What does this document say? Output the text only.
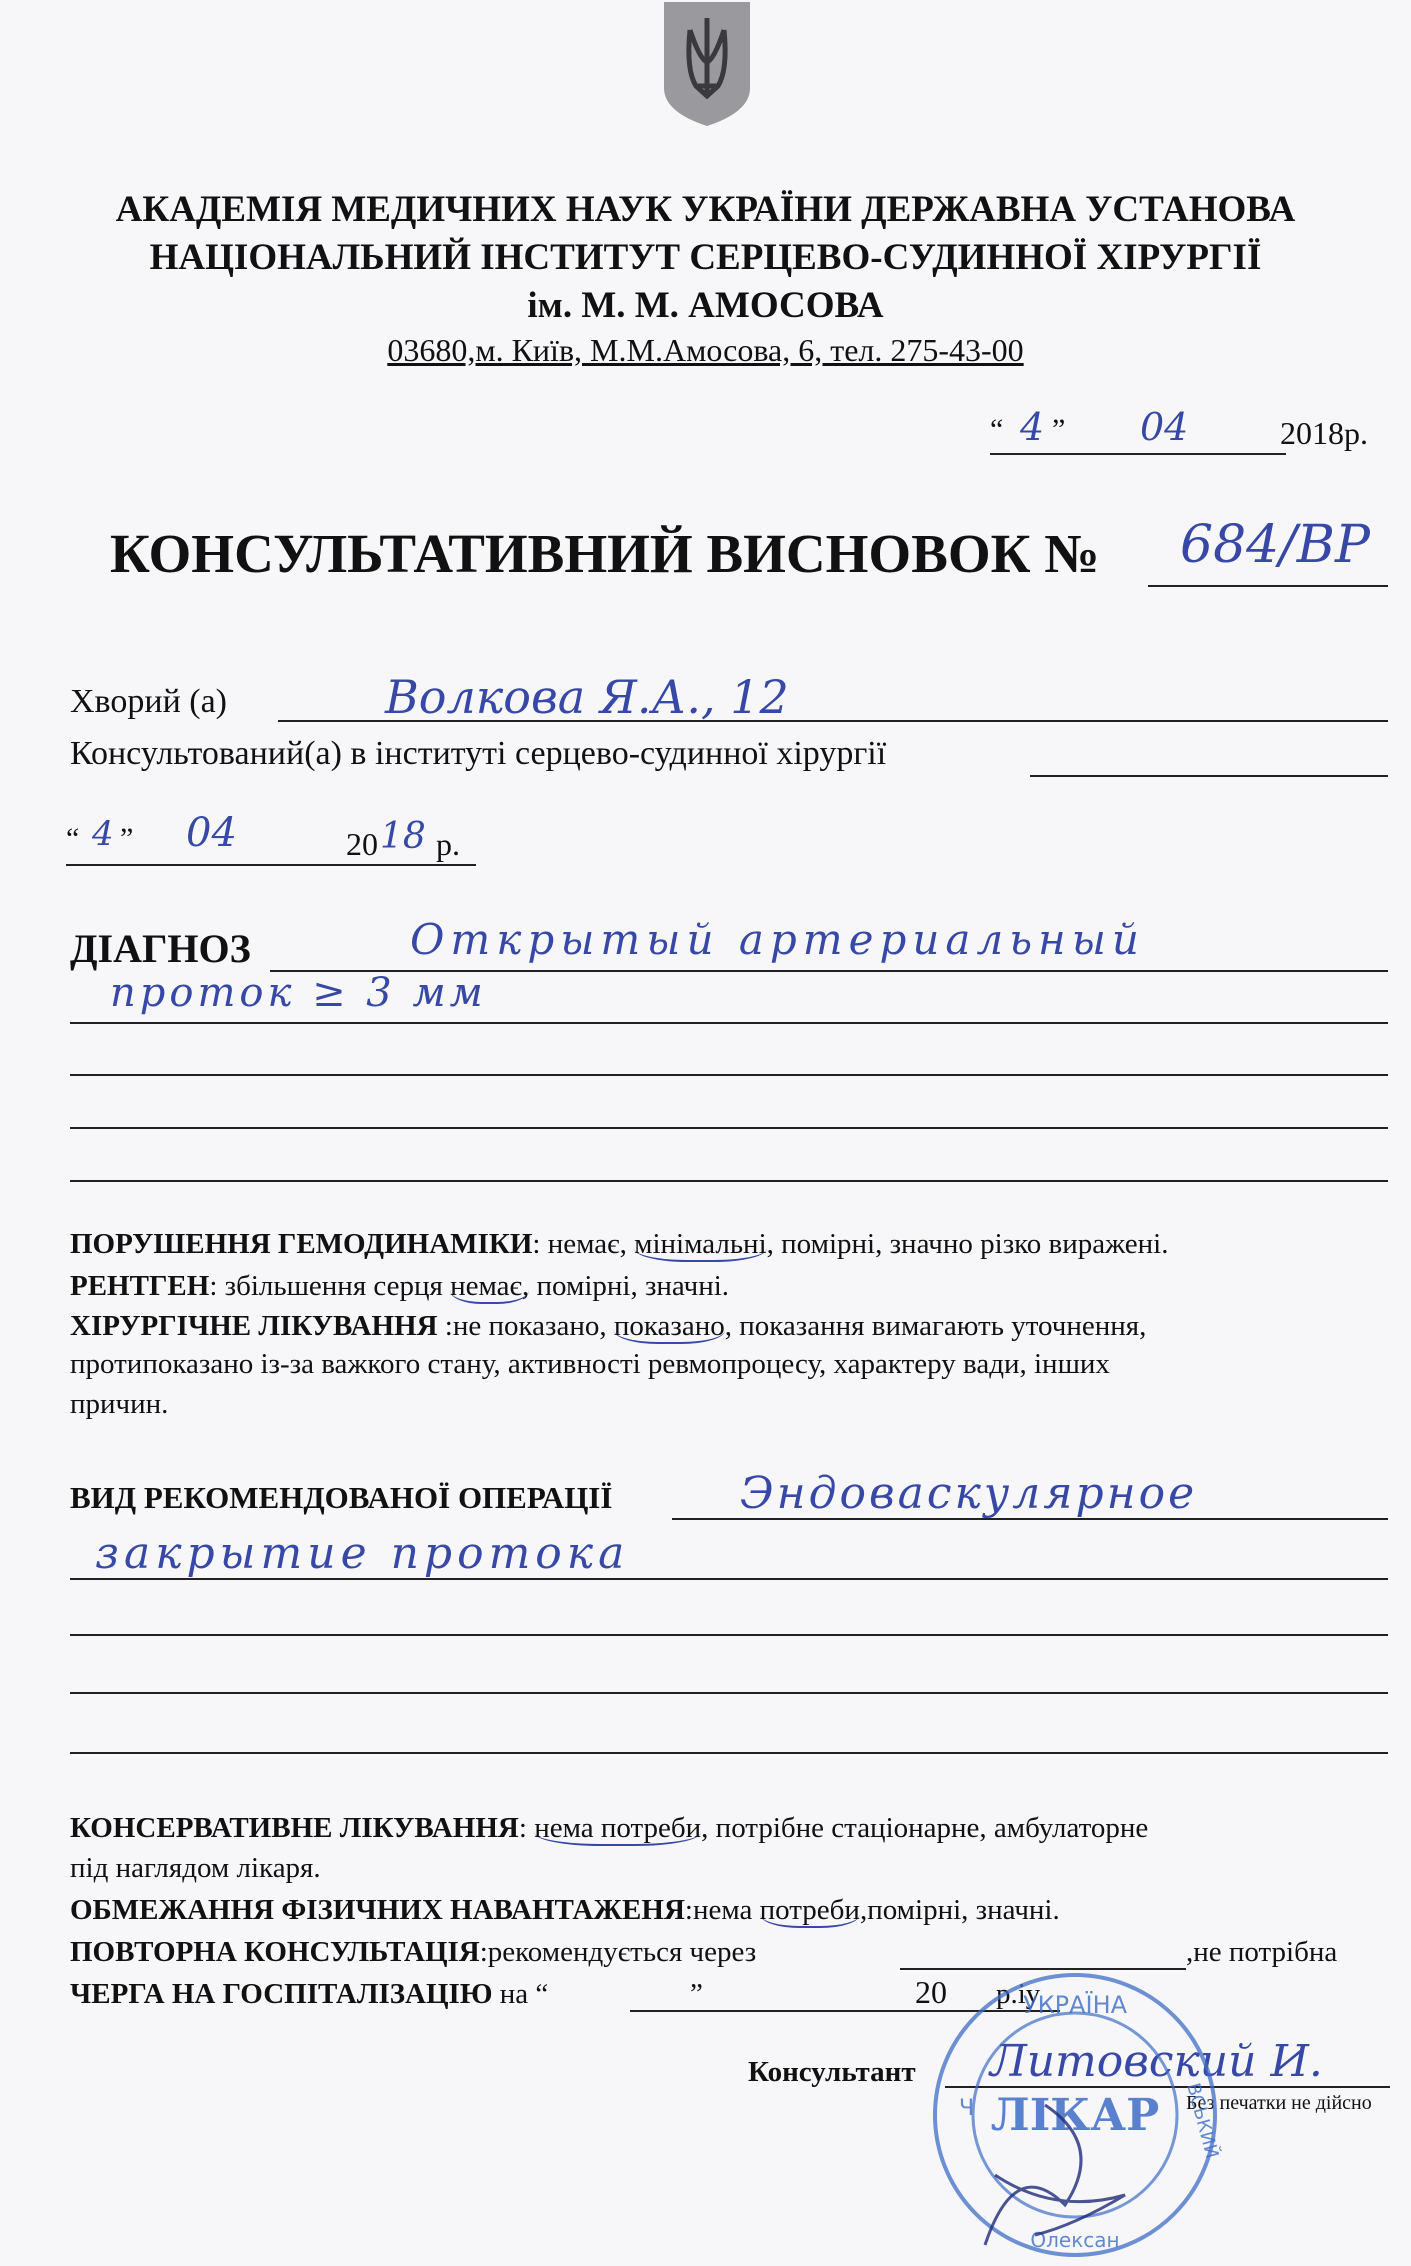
АКАДЕМІЯ МЕДИЧНИХ НАУК УКРАЇНИ ДЕРЖАВНА УСТАНОВА
НАЦІОНАЛЬНИЙ ІНСТИТУТ СЕРЦЕВО-СУДИННОЇ ХІРУРГІЇ
ім. М. М. АМОСОВА
03680,м. Київ, М.М.Амосова, 6, тел. 275-43-00
“ 4 ” 04	2018р.
КОНСУЛЬТАТИВНИЙ ВИСНОВОК № 684/ВР
Хворий (а)	Волкова Я.А., 12
Консультований(а) в інституті серцево-судинної хірургії
“ 4 ” 04	20 18 р.
ДІАГНОЗ	Открытый артериальный
проток ≥ 3 мм
ПОРУШЕННЯ ГЕМОДИНАМІКИ: немає, мінімальні, помірні, значно різко виражені.
РЕНТГЕН: збільшення серця немає, помірні, значні.
ХІРУРГІЧНЕ ЛІКУВАННЯ :не показано, показано, показання вимагають уточнення,
протипоказано із-за важкого стану, активності ревмопроцесу, характеру вади, інших
причин.
ВИД РЕКОМЕНДОВАНОЇ ОПЕРАЦІЇ	Эндоваскулярное
закрытие протока
КОНСЕРВАТИВНЕ ЛІКУВАННЯ: нема потреби, потрібне стаціонарне, амбулаторне
під наглядом лікаря.
ОБМЕЖАННЯ ФІЗИЧНИХ НАВАНТАЖЕНЯ:нема потреби,помірні, значні.
ПОВТОРНА КОНСУЛЬТАЦІЯ:рекомендується через	,не потрібна
ЧЕРГА НА ГОСПІТАЛІЗАЦІЮ на “	”	20 р.іу
Консультант Литовский И.
Без печатки не дійсно
УКРАЇНА
ЛІКАР
Ч	ВСЬКИЙ
Олексан
